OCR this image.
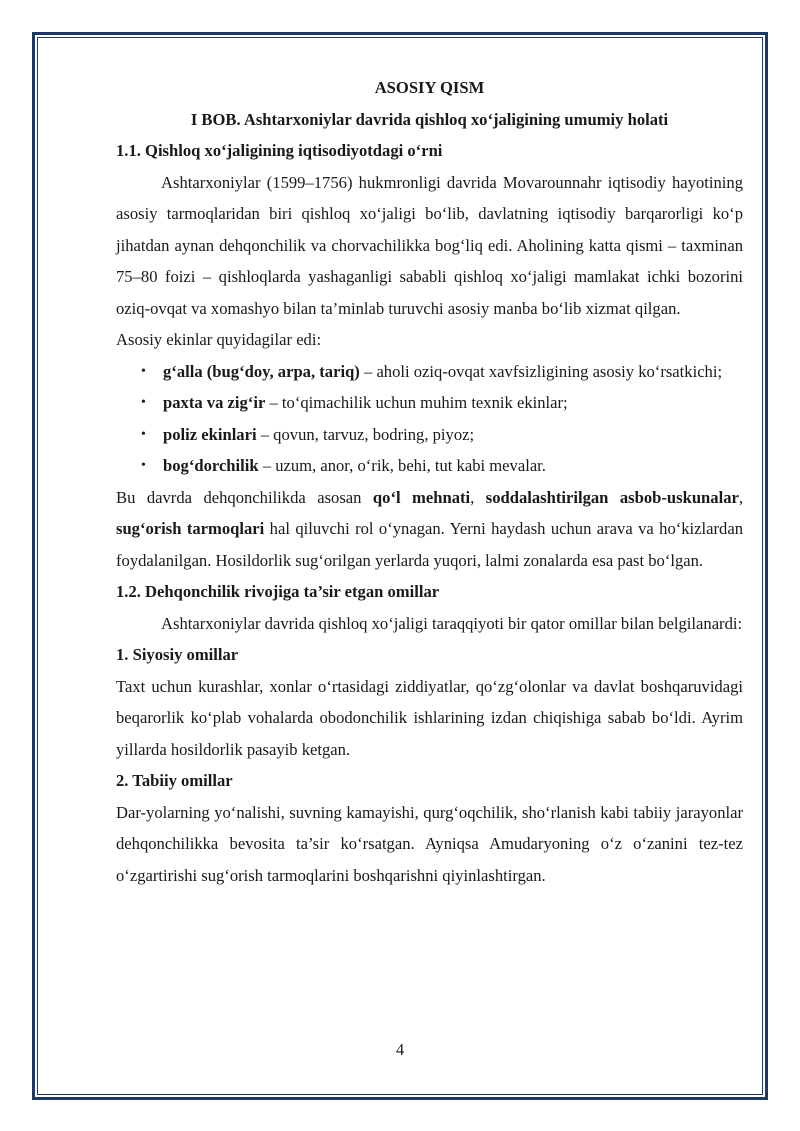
ASOSIY QISM
I BOB. Ashtarxoniylar davrida qishloq xo‘jaligining umumiy holati
1.1. Qishloq xo‘jaligining iqtisodiyotdagi o‘rni

Ashtarxoniylar (1599–1756) hukmronligi davrida Movarounnahr iqtisodiy hayotining asosiy tarmoqlaridan biri qishloq xo‘jaligi bo‘lib, davlatning iqtisodiy barqarorligi ko‘p jihatdan aynan dehqonchilik va chorvachilikka bog‘liq edi. Aholining katta qismi – taxminan 75–80 foizi – qishloqlarda yashaganligi sababli qishloq xo‘jaligi mamlakat ichki bozorini oziq-ovqat va xomashyo bilan ta’minlab turuvchi asosiy manba bo‘lib xizmat qilgan.

Asosiy ekinlar quyidagilar edi:

• g‘alla (bug‘doy, arpa, tariq) – aholi oziq-ovqat xavfsizligining asosiy ko‘rsatkichi;
• paxta va zig‘ir – to‘qimachilik uchun muhim texnik ekinlar;
• poliz ekinlari – qovun, tarvuz, bodring, piyoz;
• bog‘dorchilik – uzum, anor, o‘rik, behi, tut kabi mevalar.

Bu davrda dehqonchilikda asosan qo‘l mehnati, soddalashtirilgan asbob-uskunalar, sug‘orish tarmoqlari hal qiluvchi rol o‘ynagan. Yerni haydash uchun arava va ho‘kizlardan foydalanilgan. Hosildorlik sug‘orilgan yerlarda yuqori, lalmi zonalarda esa past bo‘lgan.

1.2. Dehqonchilik rivojiga ta’sir etgan omillar

Ashtarxoniylar davrida qishloq xo‘jaligi taraqqiyoti bir qator omillar bilan belgilanardi:

1. Siyosiy omillar

Taxt uchun kurashlar, xonlar o‘rtasidagi ziddiyatlar, qo‘zg‘olonlar va davlat boshqaruvidagi beqarorlik ko‘plab vohalarda obodonchilik ishlarining izdan chiqishiga sabab bo‘ldi. Ayrim yillarda hosildorlik pasayib ketgan.

2. Tabiiy omillar

Dar-yolarning yo‘nalishi, suvning kamayishi, qurg‘oqchilik, sho‘rlanish kabi tabiiy jarayonlar dehqonchilikka bevosita ta’sir ko‘rsatgan. Ayniqsa Amudaryoning o‘z o‘zanini tez-tez o‘zgartirishi sug‘orish tarmoqlarini boshqarishni qiyinlashtirgan.

4
